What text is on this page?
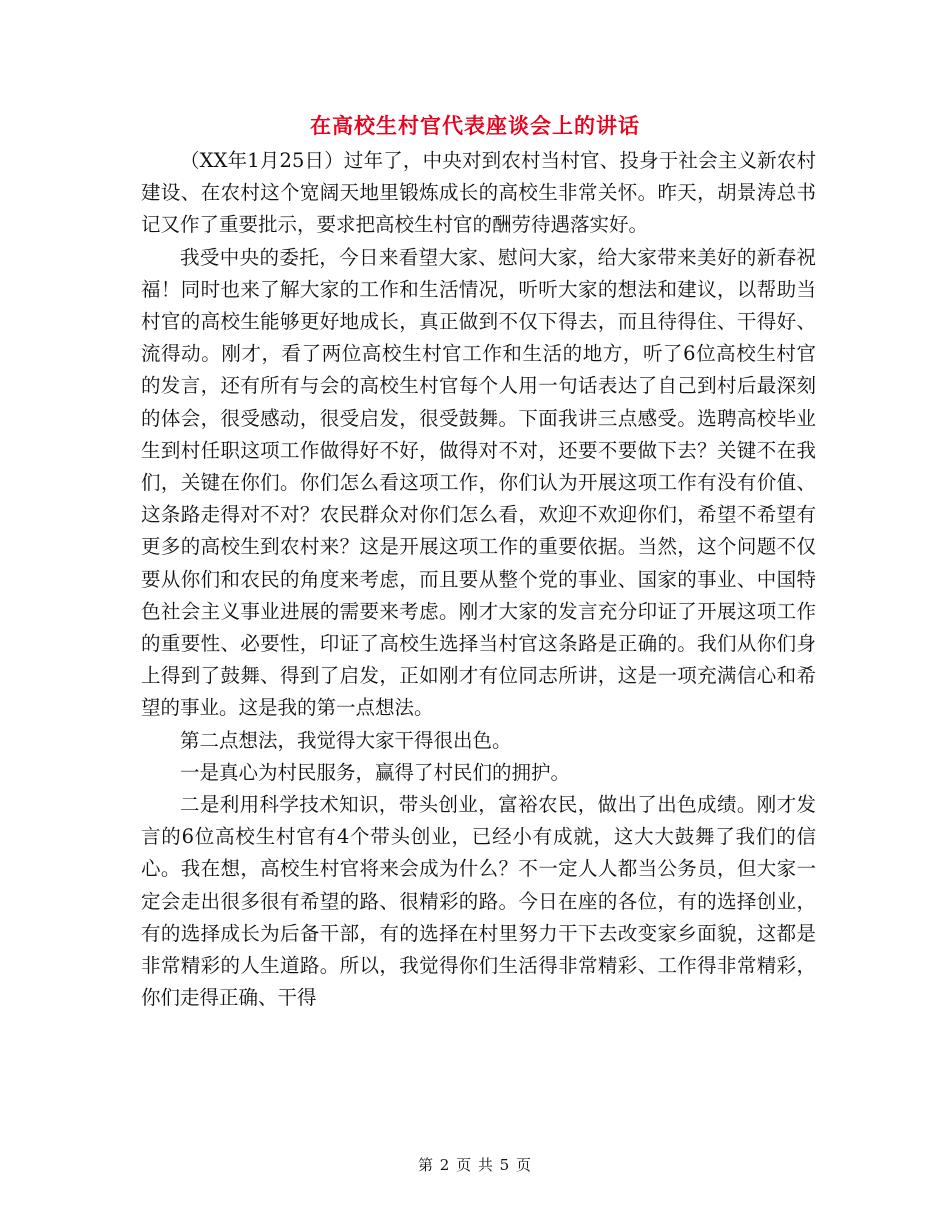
在高校生村官代表座谈会上的讲话

（XX年1月25日）过年了，中央对到农村当村官、投身于社会主义新农村建设、在农村这个宽阔天地里锻炼成长的高校生非常关怀。昨天，胡景涛总书记又作了重要批示，要求把高校生村官的酬劳待遇落实好。

我受中央的委托，今日来看望大家、慰问大家，给大家带来美好的新春祝福！同时也来了解大家的工作和生活情况，听听大家的想法和建议，以帮助当村官的高校生能够更好地成长，真正做到不仅下得去，而且待得住、干得好、流得动。刚才，看了两位高校生村官工作和生活的地方，听了6位高校生村官的发言，还有所有与会的高校生村官每个人用一句话表达了自己到村后最深刻的体会，很受感动，很受启发，很受鼓舞。下面我讲三点感受。选聘高校毕业生到村任职这项工作做得好不好，做得对不对，还要不要做下去？关键不在我们，关键在你们。你们怎么看这项工作，你们认为开展这项工作有没有价值、这条路走得对不对？农民群众对你们怎么看，欢迎不欢迎你们，希望不希望有更多的高校生到农村来？这是开展这项工作的重要依据。当然，这个问题不仅要从你们和农民的角度来考虑，而且要从整个党的事业、国家的事业、中国特色社会主义事业进展的需要来考虑。刚才大家的发言充分印证了开展这项工作的重要性、必要性，印证了高校生选择当村官这条路是正确的。我们从你们身上得到了鼓舞、得到了启发，正如刚才有位同志所讲，这是一项充满信心和希望的事业。这是我的第一点想法。

第二点想法，我觉得大家干得很出色。

一是真心为村民服务，赢得了村民们的拥护。

二是利用科学技术知识，带头创业，富裕农民，做出了出色成绩。刚才发言的6位高校生村官有4个带头创业，已经小有成就，这大大鼓舞了我们的信心。我在想，高校生村官将来会成为什么？不一定人人都当公务员，但大家一定会走出很多很有希望的路、很精彩的路。今日在座的各位，有的选择创业，有的选择成长为后备干部，有的选择在村里努力干下去改变家乡面貌，这都是非常精彩的人生道路。所以，我觉得你们生活得非常精彩、工作得非常精彩，你们走得正确、干得

第 2 页 共 5 页
